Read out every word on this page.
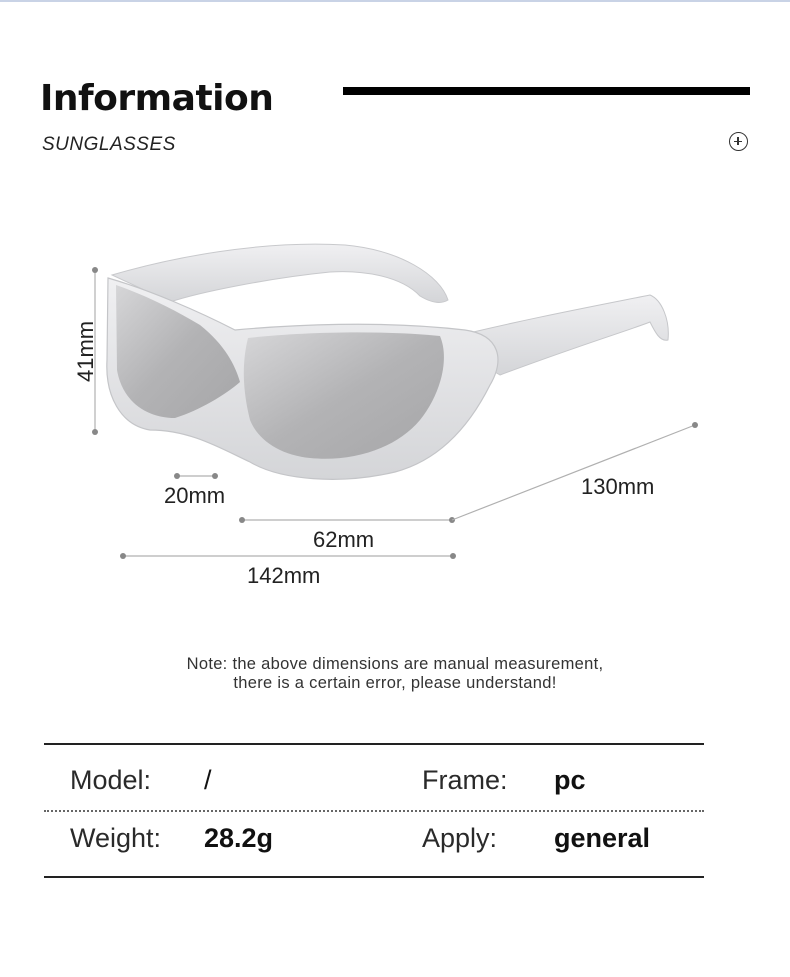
Information
SUNGLASSES
41mm
20mm
62mm
142mm
130mm
Note: the above dimensions are manual measurement,
there is a certain error, please understand!
Model: /	Frame: pc
Weight: 28.2g	Apply: general
